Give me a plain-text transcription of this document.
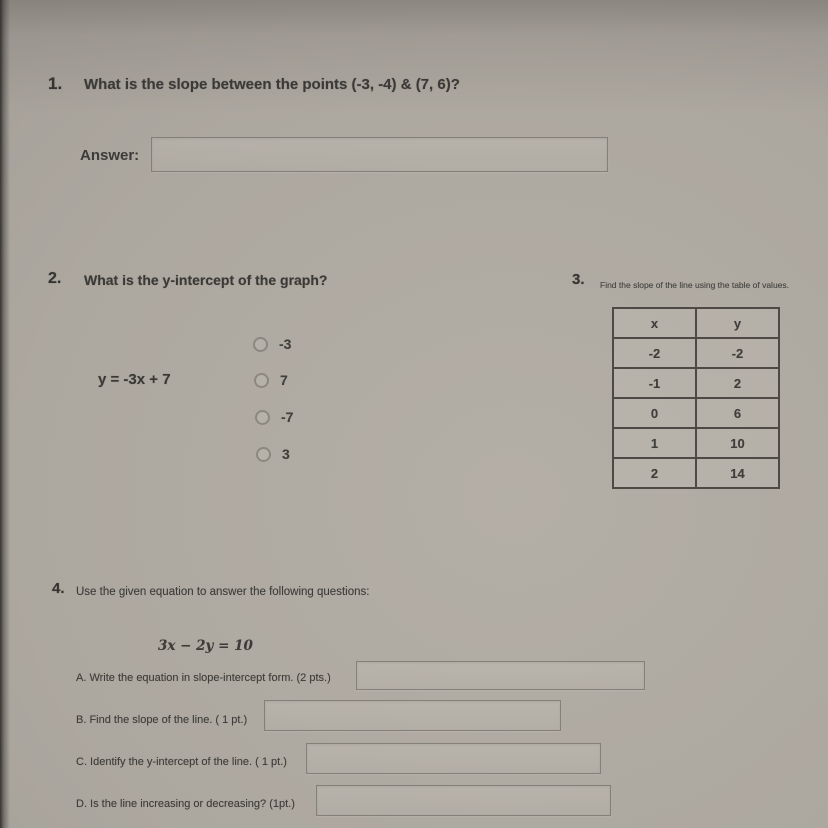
1. What is the slope between the points (-3, -4) & (7, 6)?
Answer:
2. What is the y-intercept of the graph?
y = -3x + 7
-3
7
-7
3
3. Find the slope of the line using the table of values.
x	y
-2	-2
-1	2
0	6
1	10
2	14
4. Use the given equation to answer the following questions:
3x − 2y = 10
A. Write the equation in slope-intercept form. (2 pts.)
B. Find the slope of the line. ( 1 pt.)
C. Identify the y-intercept of the line. ( 1 pt.)
D. Is the line increasing or decreasing? (1pt.)
